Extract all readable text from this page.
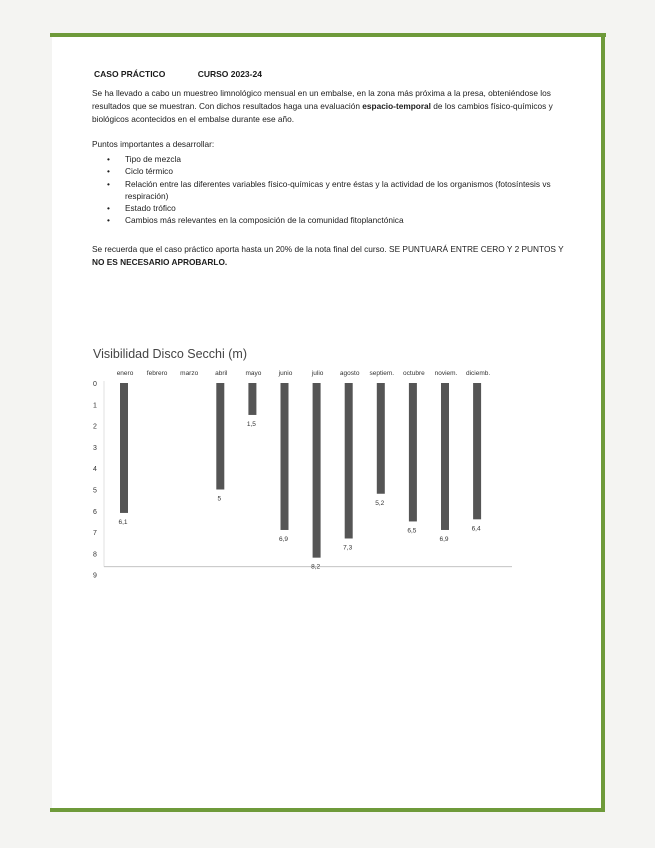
CASO PRÁCTICO	CURSO 2023-24
Se ha llevado a cabo un muestreo limnológico mensual en un embalse, en la zona más próxima a la presa, obteniéndose los resultados que se muestran. Con dichos resultados haga una evaluación espacio-temporal de los cambios físico-químicos y biológicos acontecidos en el embalse durante ese año.
Puntos importantes a desarrollar:
• Tipo de mezcla
• Ciclo térmico
• Relación entre las diferentes variables físico-químicas y entre éstas y la actividad de los organismos (fotosíntesis vs respiración)
• Estado trófico
• Cambios más relevantes en la composición de la comunidad fitoplanctónica
Se recuerda que el caso práctico aporta hasta un 20% de la nota final del curso. SE PUNTUARÁ ENTRE CERO Y 2 PUNTOS Y NO ES NECESARIO APROBARLO.
Visibilidad Disco Secchi (m)
0
1
2
3
4
5
6
7
8
9
enero
6,1
febrero marzo	abril
5
mayo
1,5
junio
6,9
julio
8,2
agosto
7,3
septiem.
5,2
octubre
6,5
noviem.
6,9
diciemb.
6,4
